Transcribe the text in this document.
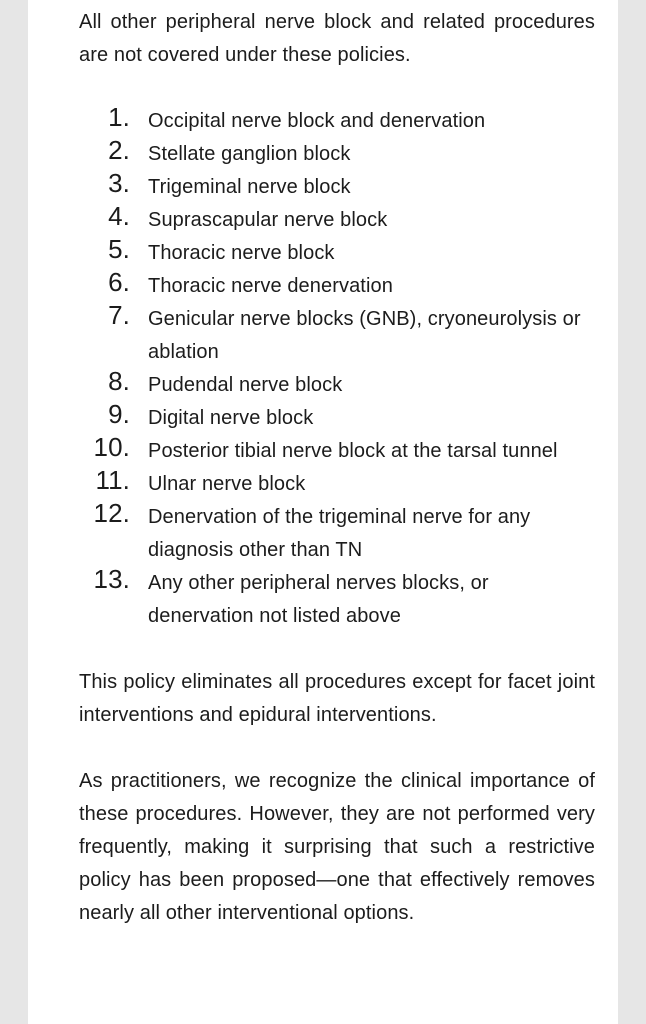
All other peripheral nerve block and related procedures are not covered under these policies.

1. Occipital nerve block and denervation
2. Stellate ganglion block
3. Trigeminal nerve block
4. Suprascapular nerve block
5. Thoracic nerve block
6. Thoracic nerve denervation
7. Genicular nerve blocks (GNB), cryoneurolysis or ablation
8. Pudendal nerve block
9. Digital nerve block
10. Posterior tibial nerve block at the tarsal tunnel
11. Ulnar nerve block
12. Denervation of the trigeminal nerve for any diagnosis other than TN
13. Any other peripheral nerves blocks, or denervation not listed above

This policy eliminates all procedures except for facet joint interventions and epidural interventions.

As practitioners, we recognize the clinical importance of these procedures. However, they are not performed very frequently, making it surprising that such a restrictive policy has been proposed—one that effectively removes nearly all other interventional options.
